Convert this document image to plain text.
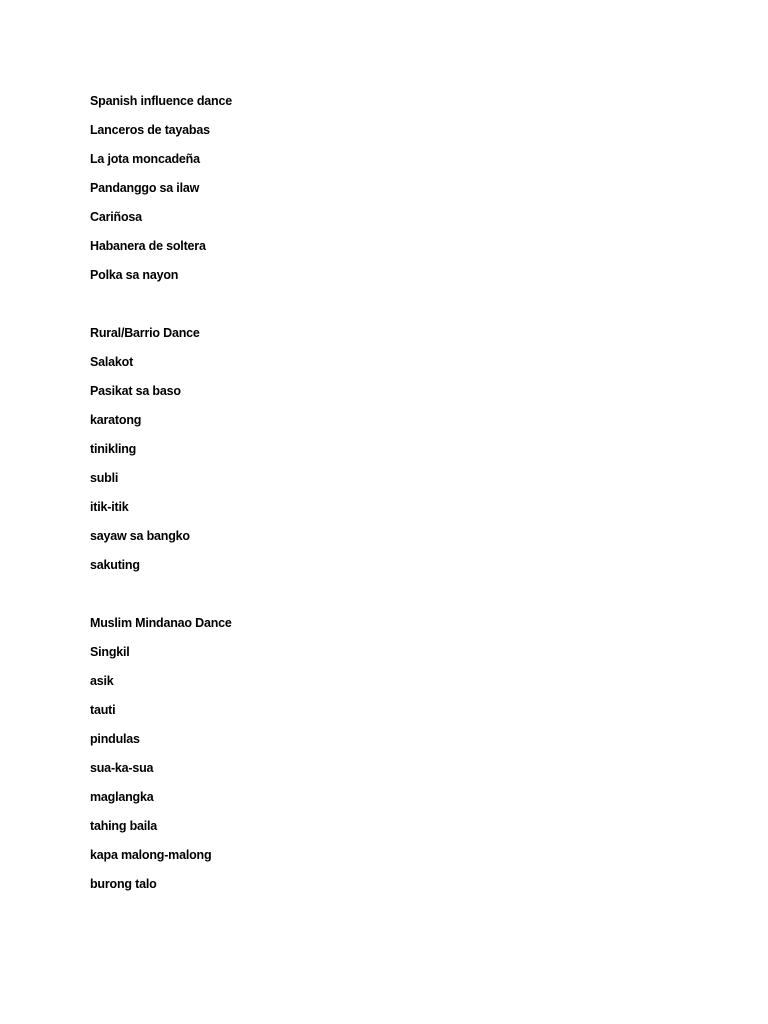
Spanish influence dance
Lanceros de tayabas
La jota moncadeña
Pandanggo sa ilaw
Cariñosa
Habanera de soltera
Polka sa nayon
Rural/Barrio Dance
Salakot
Pasikat sa baso
karatong
tinikling
subli
itik-itik
sayaw sa bangko
sakuting
Muslim Mindanao Dance
Singkil
asik
tauti
pindulas
sua-ka-sua
maglangka
tahing baila
kapa malong-malong
burong talo
